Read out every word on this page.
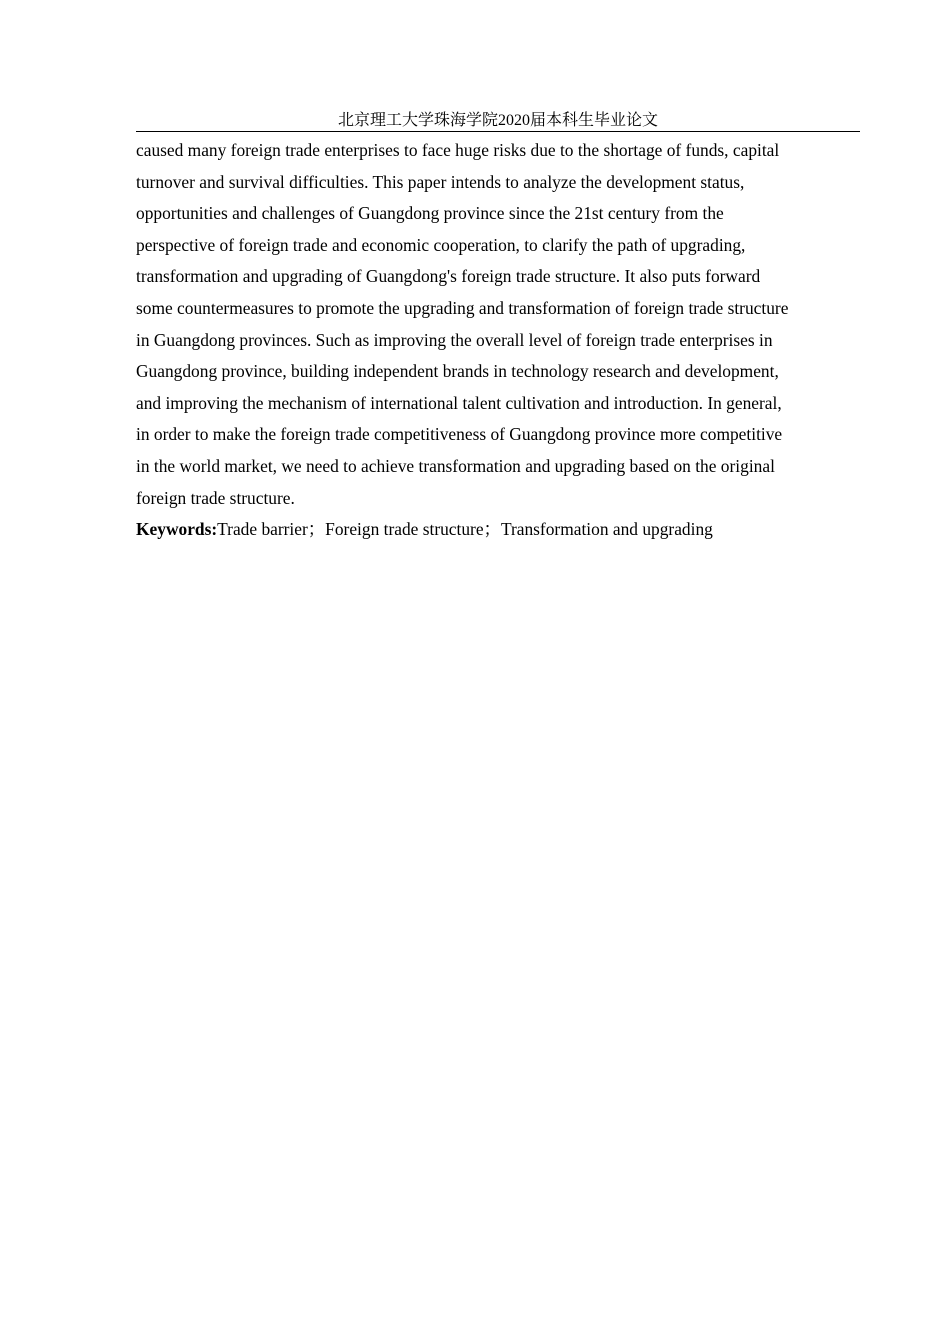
北京理工大学珠海学院2020届本科生毕业论文

caused many foreign trade enterprises to face huge risks due to the shortage of funds, capital
turnover and survival difficulties. This paper intends to analyze the development status,
opportunities and challenges of Guangdong province since the 21st century from the
perspective of foreign trade and economic cooperation, to clarify the path of upgrading,
transformation and upgrading of Guangdong's foreign trade structure. It also puts forward
some countermeasures to promote the upgrading and transformation of foreign trade structure
in Guangdong provinces. Such as improving the overall level of foreign trade enterprises in
Guangdong province, building independent brands in technology research and development,
and improving the mechanism of international talent cultivation and introduction. In general,
in order to make the foreign trade competitiveness of Guangdong province more competitive
in the world market, we need to achieve transformation and upgrading based on the original
foreign trade structure.

Keywords:Trade barrier；Foreign trade structure；Transformation and upgrading
